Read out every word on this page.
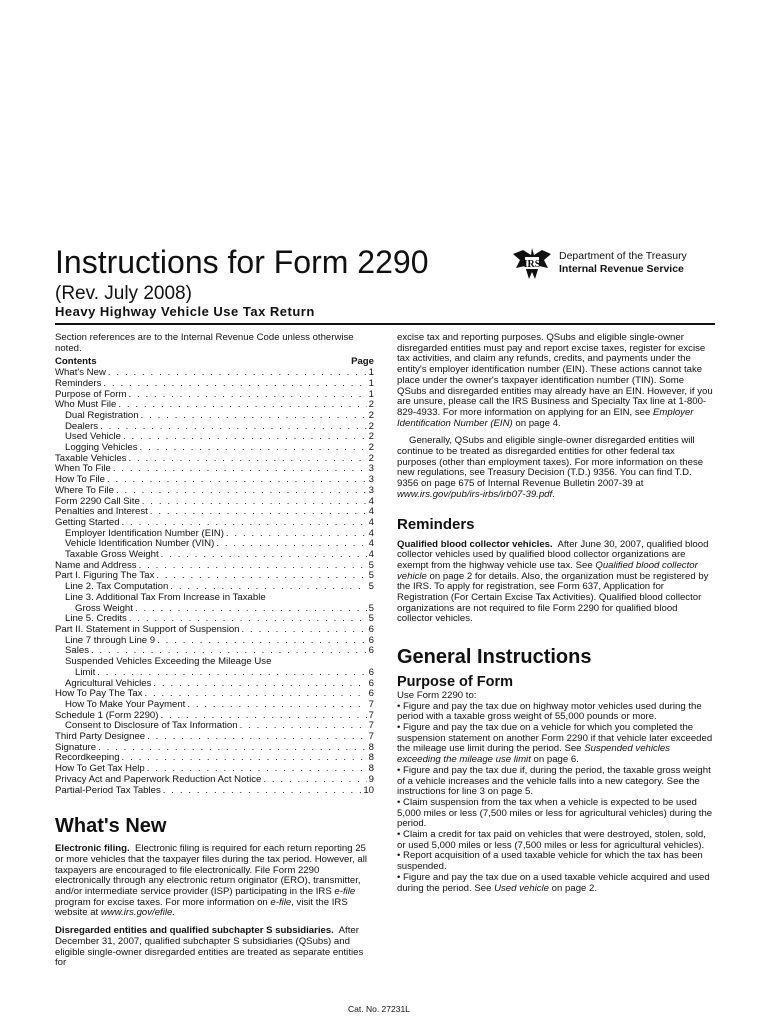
Instructions for Form 2290
(Rev. July 2008)
Heavy Highway Vehicle Use Tax Return
IRS
Department of the Treasury
Internal Revenue Service

Section references are to the Internal Revenue Code unless otherwise noted.

Contents	Page
What's New . . .	1
Reminders . . .	1
Purpose of Form . . .	1
Who Must File . . .	2
Dual Registration . . .	2
Dealers . . .	2
Used Vehicle . . .	2
Logging Vehicles . . .	2
Taxable Vehicles . . .	2
When To File . . .	3
How To File . . .	3
Where To File . . .	3
Form 2290 Call Site . . .	4
Penalties and Interest . . .	4
Getting Started . . .	4
Employer Identification Number (EIN) . . .	4
Vehicle Identification Number (VIN) . . .	4
Taxable Gross Weight . . .	4
Name and Address . . .	5
Part I. Figuring The Tax . . .	5
Line 2. Tax Computation . . .	5
Line 3. Additional Tax From Increase in Taxable
Gross Weight . . .	5
Line 5. Credits . . .	5
Part II. Statement in Support of Suspension . . .	6
Line 7 through Line 9 . . .	6
Sales . . .	6
Suspended Vehicles Exceeding the Mileage Use
Limit . . .	6
Agricultural Vehicles . . .	6
How To Pay The Tax . . .	6
How To Make Your Payment . . .	7
Schedule 1 (Form 2290) . . .	7
Consent to Disclosure of Tax Information . . .	7
Third Party Designee . . .	7
Signature . . .	8
Recordkeeping . . .	8
How To Get Tax Help . . .	8
Privacy Act and Paperwork Reduction Act Notice . . .	9
Partial-Period Tax Tables . . .	10
What's New

Electronic filing. Electronic filing is required for each return reporting 25 or more vehicles that the taxpayer files during the tax period. However, all taxpayers are encouraged to file electronically. File Form 2290 electronically through any electronic return originator (ERO), transmitter, and/or intermediate service provider (ISP) participating in the IRS e-file program for excise taxes. For more information on e-file, visit the IRS website at www.irs.gov/efile.

Disregarded entities and qualified subchapter S subsidiaries. After December 31, 2007, qualified subchapter S subsidiaries (QSubs) and eligible single-owner disregarded entities are treated as separate entities for

excise tax and reporting purposes. QSubs and eligible single-owner disregarded entities must pay and report excise taxes, register for excise tax activities, and claim any refunds, credits, and payments under the entity's employer identification number (EIN). These actions cannot take place under the owner's taxpayer identification number (TIN). Some QSubs and disregarded entities may already have an EIN. However, if you are unsure, please call the IRS Business and Specialty Tax line at 1-800-829-4933. For more information on applying for an EIN, see Employer Identification Number (EIN) on page 4.

Generally, QSubs and eligible single-owner disregarded entities will continue to be treated as disregarded entities for other federal tax purposes (other than employment taxes). For more information on these new regulations, see Treasury Decision (T.D.) 9356. You can find T.D. 9356 on page 675 of Internal Revenue Bulletin 2007-39 at www.irs.gov/pub/irs-irbs/irb07-39.pdf.

Reminders

Qualified blood collector vehicles. After June 30, 2007, qualified blood collector vehicles used by qualified blood collector organizations are exempt from the highway vehicle use tax. See Qualified blood collector vehicle on page 2 for details. Also, the organization must be registered by the IRS. To apply for registration, see Form 637, Application for Registration (For Certain Excise Tax Activities). Qualified blood collector organizations are not required to file Form 2290 for qualified blood collector vehicles.

General Instructions
Purpose of Form

Use Form 2290 to:

• Figure and pay the tax due on highway motor vehicles used during the period with a taxable gross weight of 55,000 pounds or more.

• Figure and pay the tax due on a vehicle for which you completed the suspension statement on another Form 2290 if that vehicle later exceeded the mileage use limit during the period. See Suspended vehicles exceeding the mileage use limit on page 6.

• Figure and pay the tax due if, during the period, the taxable gross weight of a vehicle increases and the vehicle falls into a new category. See the instructions for line 3 on page 5.

• Claim suspension from the tax when a vehicle is expected to be used 5,000 miles or less (7,500 miles or less for agricultural vehicles) during the period.

• Claim a credit for tax paid on vehicles that were destroyed, stolen, sold, or used 5,000 miles or less (7,500 miles or less for agricultural vehicles).

• Report acquisition of a used taxable vehicle for which the tax has been suspended.

• Figure and pay the tax due on a used taxable vehicle acquired and used during the period. See Used vehicle on page 2.

Cat. No. 27231L
